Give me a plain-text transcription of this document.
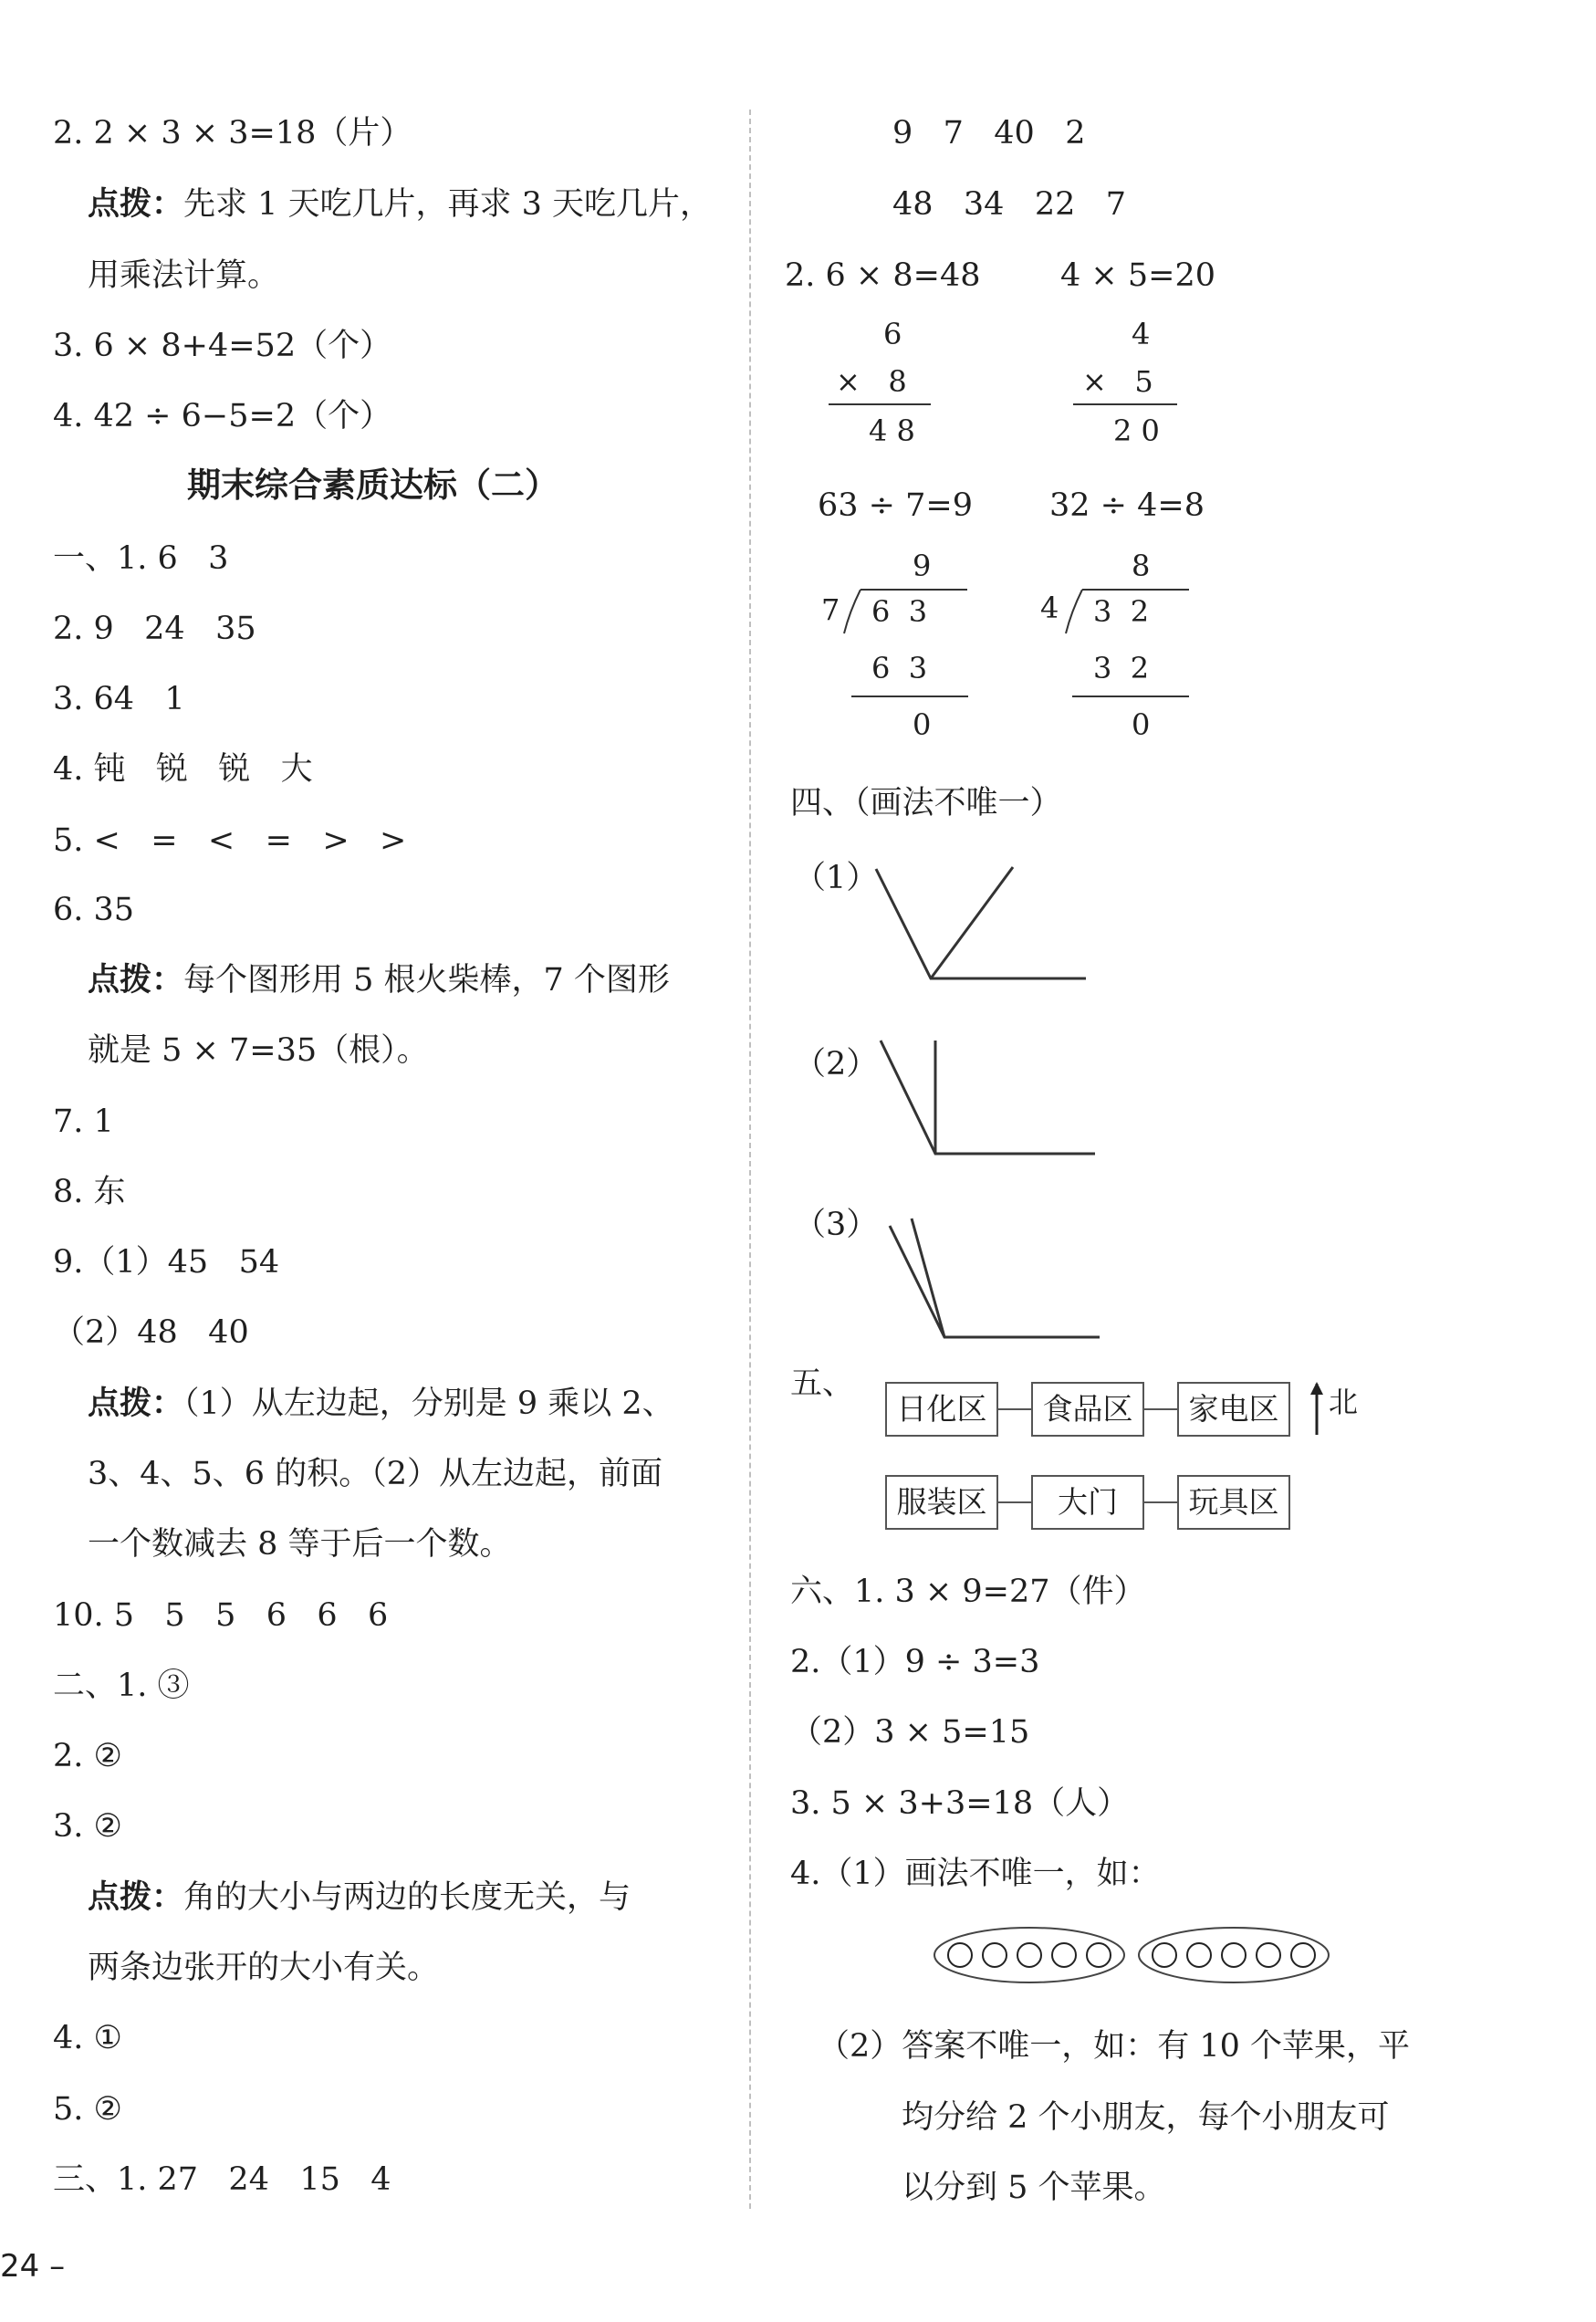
2. 2 × 3 × 3=18（片）
点拨：先求 1 天吃几片，再求 3 天吃几片，
用乘法计算。
3. 6 × 8+4=52（个）
4. 42 ÷ 6−5=2（个）
期末综合素质达标（二）
一、1. 6   3
2. 9   24   35
3. 64   1
4. 钝   锐   锐   大
5. <   =   <   =   >   >
6. 35
点拨：每个图形用 5 根火柴棒，7 个图形
就是 5 × 7=35（根）。
7. 1
8. 东
9.（1）45   54
（2）48   40
点拨：（1）从左边起，分别是 9 乘以 2、
3、4、5、6 的积。（2）从左边起，前面
一个数减去 8 等于后一个数。
10. 5   5   5   6   6   6
二、1. ③
2. ②
3. ②
点拨：角的大小与两边的长度无关，与
两条边张开的大小有关。
4. ①
5. ②
三、1. 27   24   15   4
9   7   40   2
48   34   22   7
2. 6 × 8=48	4 × 5=20
6
×   8
4 8
4
×   5
2 0
63 ÷ 7=9 32 ÷ 4=8
9
7 6  3
6  3
0
8
4 3  2
3  2
0
四、（画法不唯一）
（1）
（2）
（3）
五、
日化区	食品区	家电区	北
服装区	大门	玩具区
六、1. 3 × 9=27（件）
2.（1）9 ÷ 3=3
（2）3 × 5=15
3. 5 × 3+3=18（人）
4.（1）画法不唯一，如：
（2）答案不唯一，如：有 10 个苹果，平
均分给 2 个小朋友，每个小朋友可
以分到 5 个苹果。
24 –
